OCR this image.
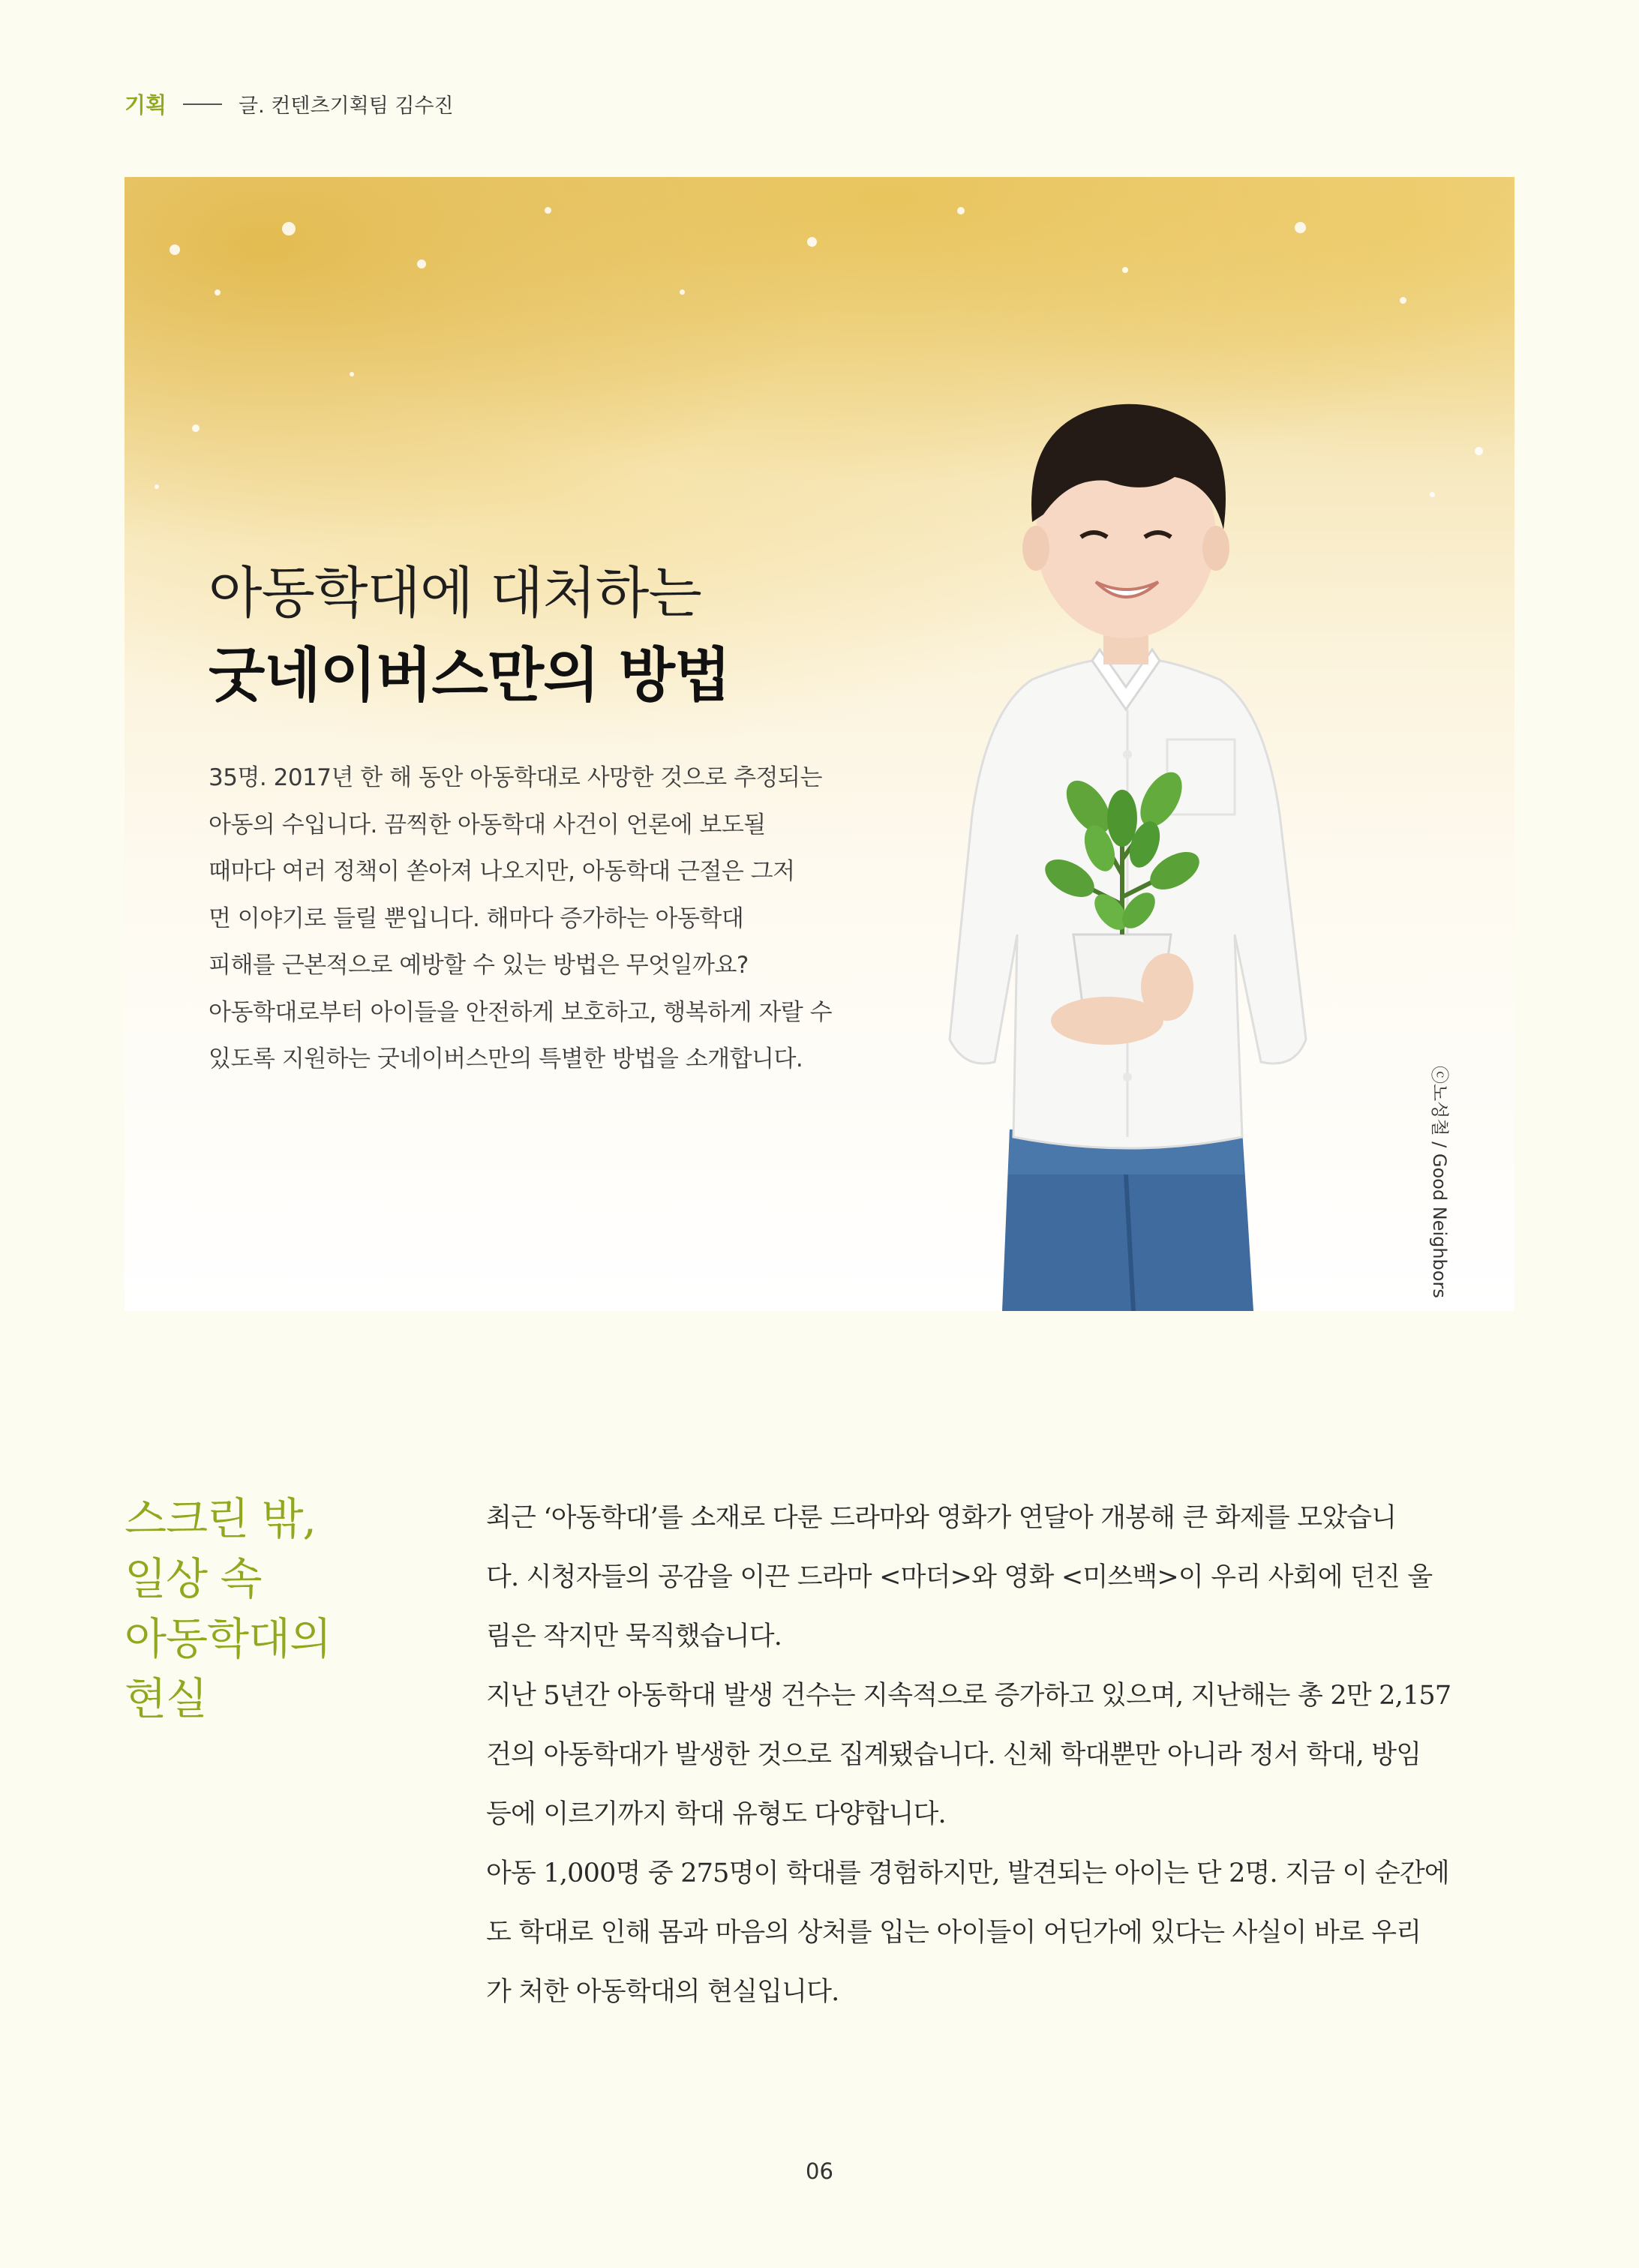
기획	글. 컨텐츠기획팀 김수진
아동학대에 대처하는
굿네이버스만의 방법

35명. 2017년 한 해 동안 아동학대로 사망한 것으로 추정되는

아동의 수입니다. 끔찍한 아동학대 사건이 언론에 보도될

때마다 여러 정책이 쏟아져 나오지만, 아동학대 근절은 그저

먼 이야기로 들릴 뿐입니다. 해마다 증가하는 아동학대

피해를 근본적으로 예방할 수 있는 방법은 무엇일까요?

아동학대로부터 아이들을 안전하게 보호하고, 행복하게 자랄 수

있도록 지원하는 굿네이버스만의 특별한 방법을 소개합니다.

ⓒ노성철 / Good Neighbors
스크린 밖,
일상 속
아동학대의
현실

최근 ‘아동학대’를 소재로 다룬 드라마와 영화가 연달아 개봉해 큰 화제를 모았습니

다. 시청자들의 공감을 이끈 드라마 <마더>와 영화 <미쓰백>이 우리 사회에 던진 울

림은 작지만 묵직했습니다.

지난 5년간 아동학대 발생 건수는 지속적으로 증가하고 있으며, 지난해는 총 2만 2,157

건의 아동학대가 발생한 것으로 집계됐습니다. 신체 학대뿐만 아니라 정서 학대, 방임

등에 이르기까지 학대 유형도 다양합니다.

아동 1,000명 중 275명이 학대를 경험하지만, 발견되는 아이는 단 2명. 지금 이 순간에

도 학대로 인해 몸과 마음의 상처를 입는 아이들이 어딘가에 있다는 사실이 바로 우리

가 처한 아동학대의 현실입니다.

06
